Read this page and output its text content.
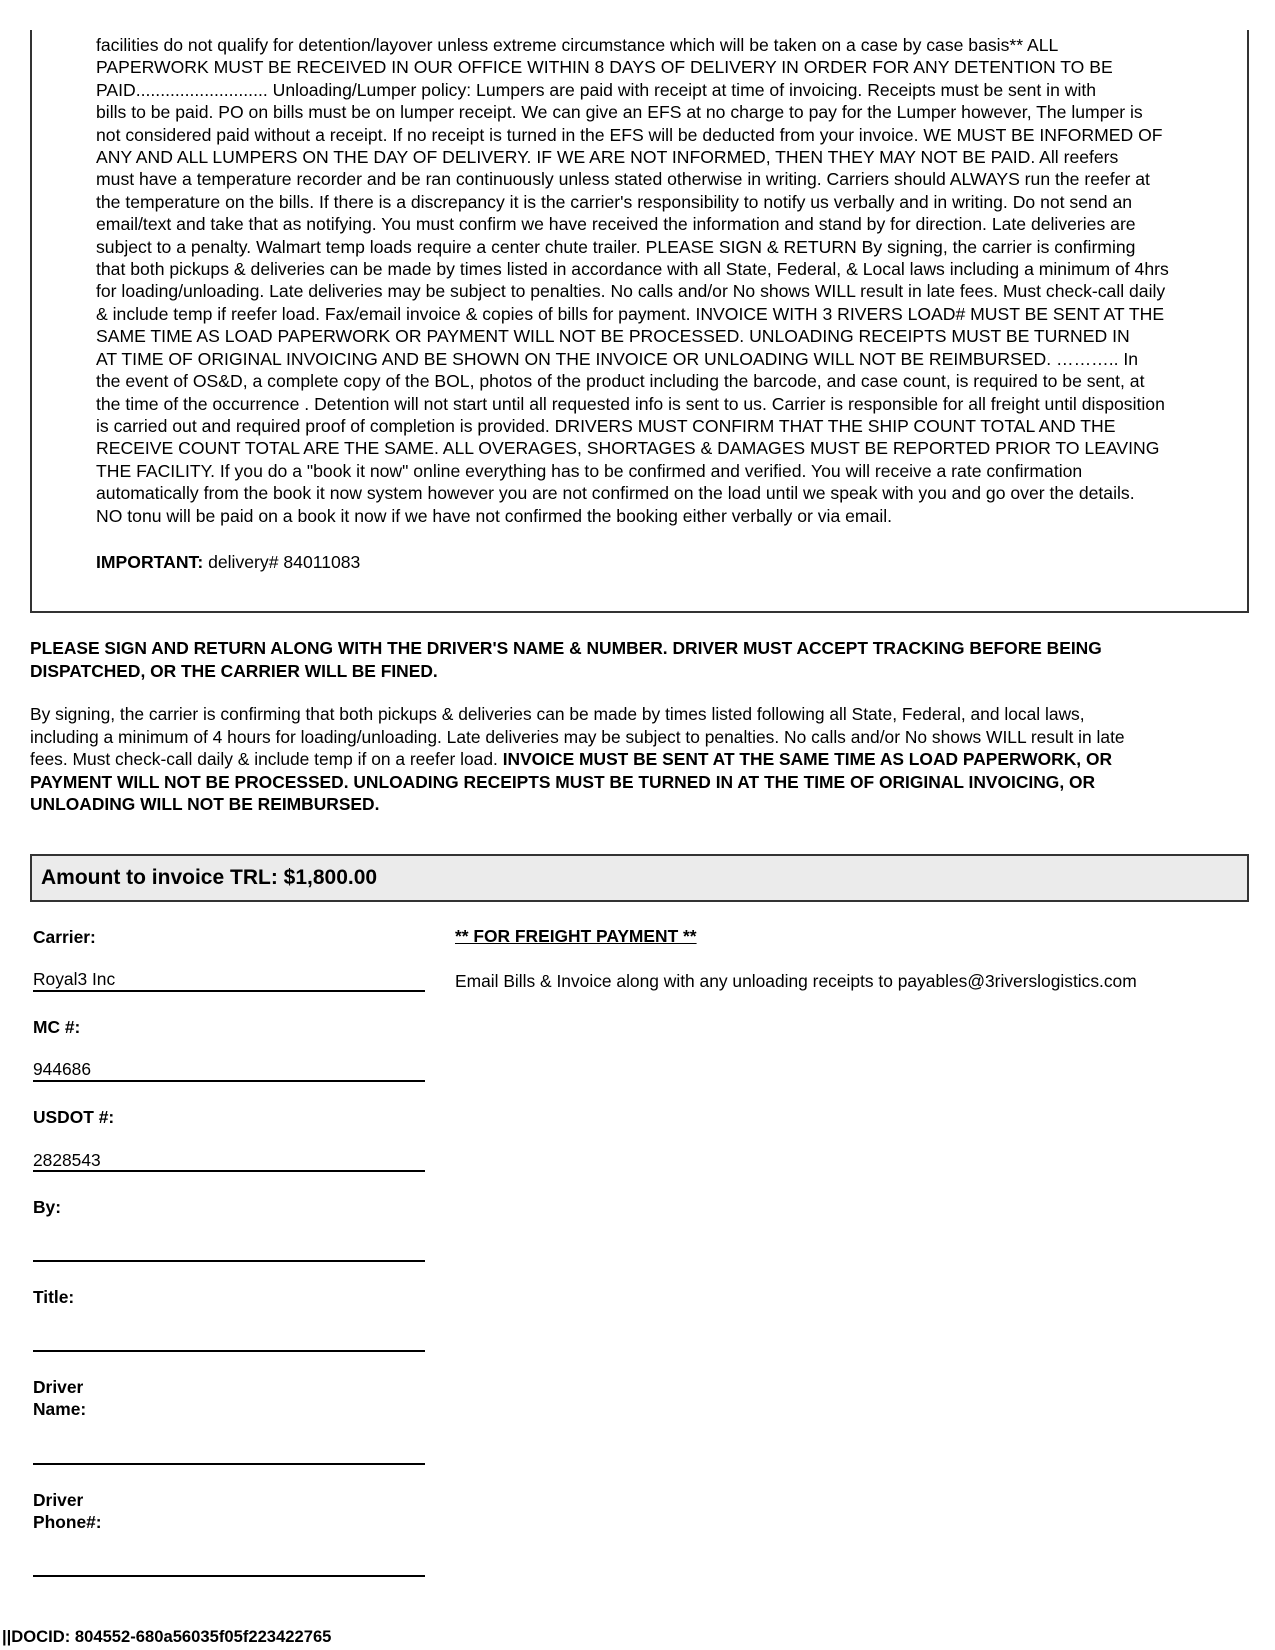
facilities do not qualify for detention/layover unless extreme circumstance which will be taken on a case by case basis** ALL
PAPERWORK MUST BE RECEIVED IN OUR OFFICE WITHIN 8 DAYS OF DELIVERY IN ORDER FOR ANY DETENTION TO BE
PAID........................... Unloading/Lumper policy: Lumpers are paid with receipt at time of invoicing. Receipts must be sent in with
bills to be paid. PO on bills must be on lumper receipt. We can give an EFS at no charge to pay for the Lumper however, The lumper is
not considered paid without a receipt. If no receipt is turned in the EFS will be deducted from your invoice. WE MUST BE INFORMED OF
ANY AND ALL LUMPERS ON THE DAY OF DELIVERY. IF WE ARE NOT INFORMED, THEN THEY MAY NOT BE PAID. All reefers
must have a temperature recorder and be ran continuously unless stated otherwise in writing. Carriers should ALWAYS run the reefer at
the temperature on the bills. If there is a discrepancy it is the carrier's responsibility to notify us verbally and in writing. Do not send an
email/text and take that as notifying. You must confirm we have received the information and stand by for direction. Late deliveries are
subject to a penalty. Walmart temp loads require a center chute trailer. PLEASE SIGN & RETURN By signing, the carrier is confirming
that both pickups & deliveries can be made by times listed in accordance with all State, Federal, & Local laws including a minimum of 4hrs
for loading/unloading. Late deliveries may be subject to penalties. No calls and/or No shows WILL result in late fees. Must check-call daily
& include temp if reefer load. Fax/email invoice & copies of bills for payment. INVOICE WITH 3 RIVERS LOAD# MUST BE SENT AT THE
SAME TIME AS LOAD PAPERWORK OR PAYMENT WILL NOT BE PROCESSED. UNLOADING RECEIPTS MUST BE TURNED IN
AT TIME OF ORIGINAL INVOICING AND BE SHOWN ON THE INVOICE OR UNLOADING WILL NOT BE REIMBURSED. ……….. In
the event of OS&D, a complete copy of the BOL, photos of the product including the barcode, and case count, is required to be sent, at
the time of the occurrence . Detention will not start until all requested info is sent to us. Carrier is responsible for all freight until disposition
is carried out and required proof of completion is provided. DRIVERS MUST CONFIRM THAT THE SHIP COUNT TOTAL AND THE
RECEIVE COUNT TOTAL ARE THE SAME. ALL OVERAGES, SHORTAGES & DAMAGES MUST BE REPORTED PRIOR TO LEAVING
THE FACILITY. If you do a "book it now" online everything has to be confirmed and verified. You will receive a rate confirmation
automatically from the book it now system however you are not confirmed on the load until we speak with you and go over the details.
NO tonu will be paid on a book it now if we have not confirmed the booking either verbally or via email.
IMPORTANT: delivery# 84011083
PLEASE SIGN AND RETURN ALONG WITH THE DRIVER'S NAME & NUMBER. DRIVER MUST ACCEPT TRACKING BEFORE BEING
DISPATCHED, OR THE CARRIER WILL BE FINED.
By signing, the carrier is confirming that both pickups & deliveries can be made by times listed following all State, Federal, and local laws,
including a minimum of 4 hours for loading/unloading. Late deliveries may be subject to penalties. No calls and/or No shows WILL result in late
fees. Must check-call daily & include temp if on a reefer load. INVOICE MUST BE SENT AT THE SAME TIME AS LOAD PAPERWORK, OR
PAYMENT WILL NOT BE PROCESSED. UNLOADING RECEIPTS MUST BE TURNED IN AT THE TIME OF ORIGINAL INVOICING, OR
UNLOADING WILL NOT BE REIMBURSED.
Amount to invoice TRL: $1,800.00
Carrier:
Royal3 Inc
MC #:
944686
USDOT #:
2828543
By:
Title:
Driver
Name:
Driver
Phone#:
** FOR FREIGHT PAYMENT **
Email Bills & Invoice along with any unloading receipts to payables@3riverslogistics.com
||DOCID: 804552-680a56035f05f223422765
